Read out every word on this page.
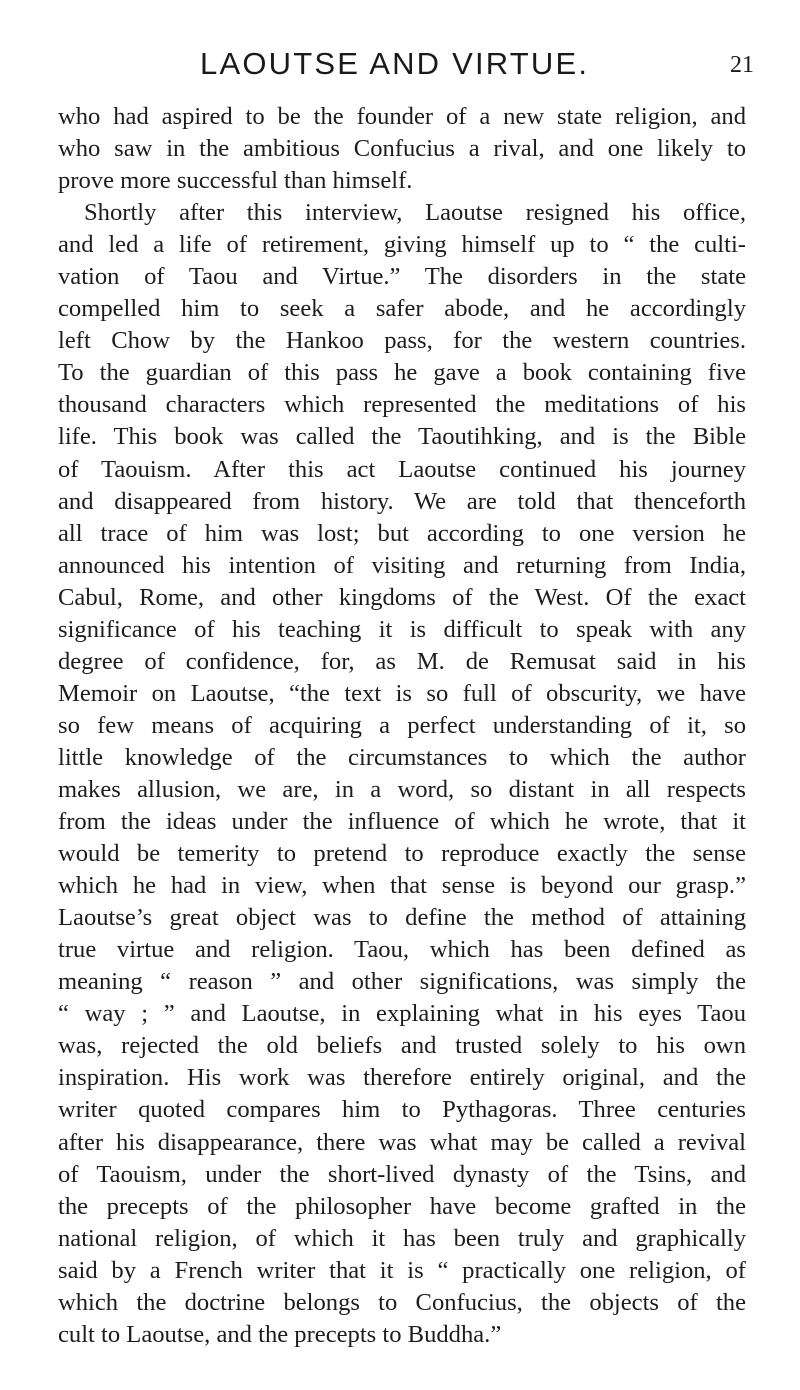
LAOUTSE AND VIRTUE.	21
who had aspired to be the founder of a new state religion, and
who saw in the ambitious Confucius a rival, and one likely to
prove more successful than himself.
Shortly after this interview, Laoutse resigned his office,
and led a life of retirement, giving himself up to “ the culti-
vation of Taou and Virtue.” The disorders in the state
compelled him to seek a safer abode, and he accordingly
left Chow by the Hankoo pass, for the western countries.
To the guardian of this pass he gave a book containing five
thousand characters which represented the meditations of his
life. This book was called the Taoutihking, and is the Bible
of Taouism. After this act Laoutse continued his journey
and disappeared from history. We are told that thenceforth
all trace of him was lost; but according to one version he
announced his intention of visiting and returning from India,
Cabul, Rome, and other kingdoms of the West. Of the exact
significance of his teaching it is difficult to speak with any
degree of confidence, for, as M. de Remusat said in his
Memoir on Laoutse, “the text is so full of obscurity, we have
so few means of acquiring a perfect understanding of it, so
little knowledge of the circumstances to which the author
makes allusion, we are, in a word, so distant in all respects
from the ideas under the influence of which he wrote, that it
would be temerity to pretend to reproduce exactly the sense
which he had in view, when that sense is beyond our grasp.”
Laoutse’s great object was to define the method of attaining
true virtue and religion. Taou, which has been defined as
meaning “ reason ” and other significations, was simply the
“ way ; ” and Laoutse, in explaining what in his eyes Taou
was, rejected the old beliefs and trusted solely to his own
inspiration. His work was therefore entirely original, and the
writer quoted compares him to Pythagoras. Three centuries
after his disappearance, there was what may be called a revival
of Taouism, under the short-lived dynasty of the Tsins, and
the precepts of the philosopher have become grafted in the
national religion, of which it has been truly and graphically
said by a French writer that it is “ practically one religion, of
which the doctrine belongs to Confucius, the objects of the
cult to Laoutse, and the precepts to Buddha.”
